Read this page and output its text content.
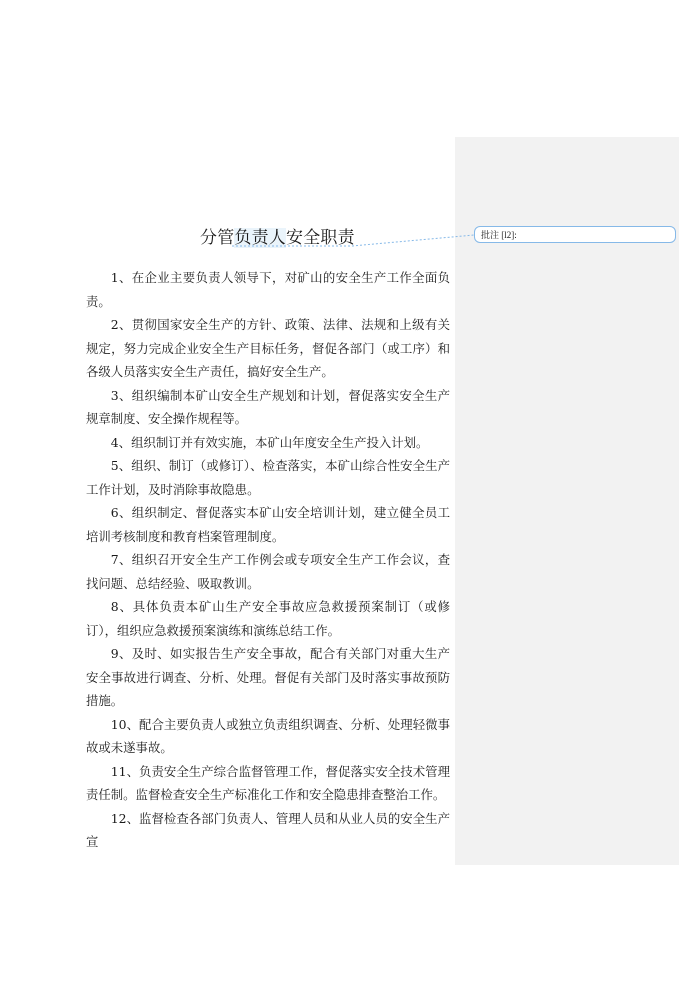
分管负责人安全职责	批注 [l2]:

1、在企业主要负责人领导下，对矿山的安全生产工作全面负责。

2、贯彻国家安全生产的方针、政策、法律、法规和上级有关规定，努力完成企业安全生产目标任务，督促各部门（或工序）和各级人员落实安全生产责任，搞好安全生产。

3、组织编制本矿山安全生产规划和计划，督促落实安全生产规章制度、安全操作规程等。

4、组织制订并有效实施，本矿山年度安全生产投入计划。

5、组织、制订（或修订）、检查落实，本矿山综合性安全生产工作计划，及时消除事故隐患。

6、组织制定、督促落实本矿山安全培训计划，建立健全员工培训考核制度和教育档案管理制度。

7、组织召开安全生产工作例会或专项安全生产工作会议，查找问题、总结经验、吸取教训。

8、具体负责本矿山生产安全事故应急救援预案制订（或修订），组织应急救援预案演练和演练总结工作。

9、及时、如实报告生产安全事故，配合有关部门对重大生产安全事故进行调查、分析、处理。督促有关部门及时落实事故预防措施。

10、配合主要负责人或独立负责组织调查、分析、处理轻微事故或未遂事故。

11、负责安全生产综合监督管理工作，督促落实安全技术管理责任制。监督检查安全生产标准化工作和安全隐患排查整治工作。

12、监督检查各部门负责人、管理人员和从业人员的安全生产宣
